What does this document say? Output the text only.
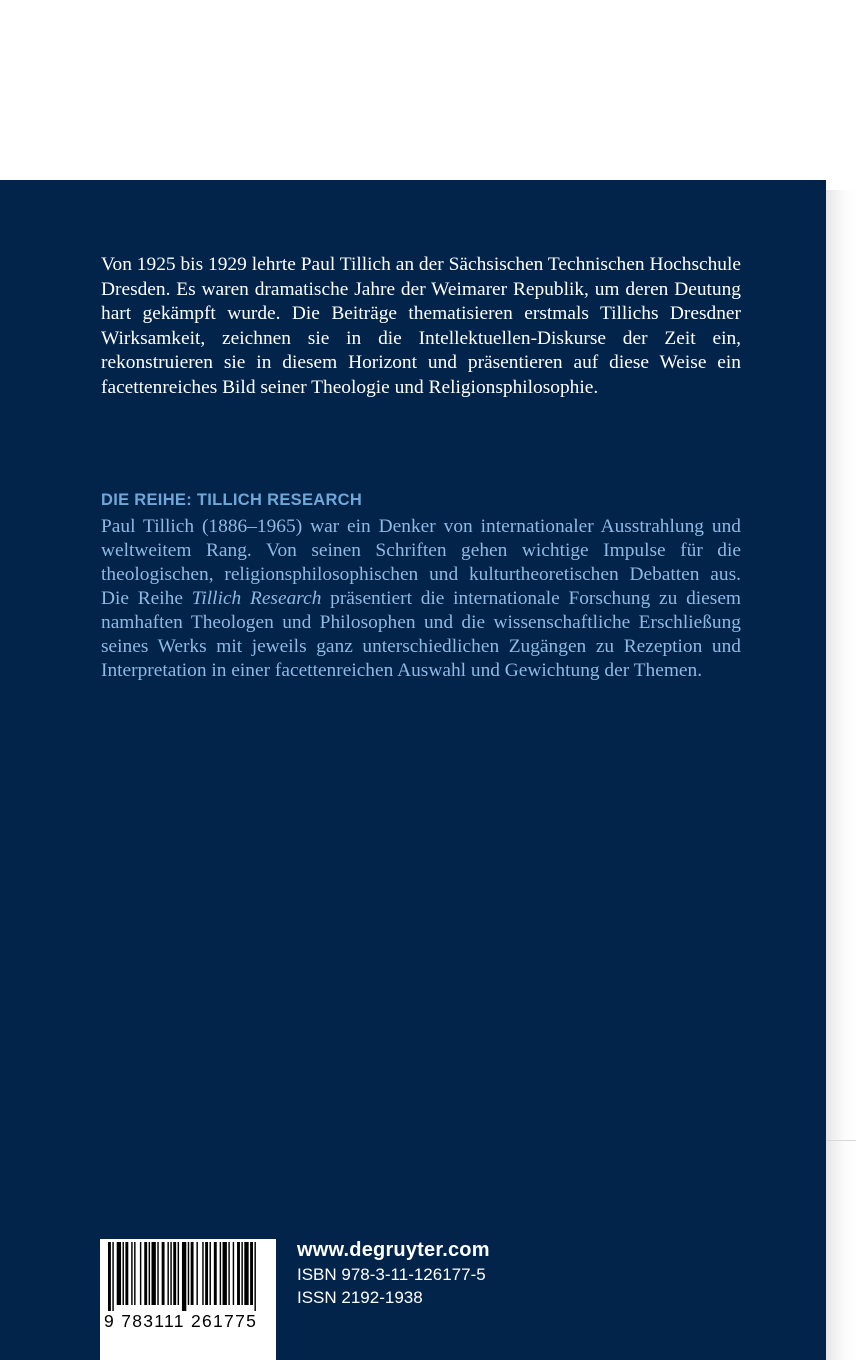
Von 1925 bis 1929 lehrte Paul Tillich an der Sächsischen Technischen Hochschule Dresden. Es waren dramatische Jahre der Weimarer Republik, um deren Deutung hart gekämpft wurde. Die Beiträge thematisieren erstmals Tillichs Dresdner Wirksamkeit, zeichnen sie in die Intellektuellen-Diskurse der Zeit ein, rekonstruieren sie in diesem Horizont und präsentieren auf diese Weise ein facettenreiches Bild seiner Theologie und Religionsphilosophie.

DIE REIHE: TILLICH RESEARCH

Paul Tillich (1886–1965) war ein Denker von internationaler Ausstrahlung und weltweitem Rang. Von seinen Schriften gehen wichtige Impulse für die theologischen, religionsphilosophischen und kulturtheoretischen Debatten aus. Die Reihe Tillich Research präsentiert die internationale Forschung zu diesem namhaften Theologen und Philosophen und die wissenschaftliche Erschließung seines Werks mit jeweils ganz unterschiedlichen Zugängen zu Rezeption und Interpretation in einer facettenreichen Auswahl und Gewichtung der Themen.

9 783111 261775
www.degruyter.com
ISBN 978-3-11-126177-5
ISSN 2192-1938
